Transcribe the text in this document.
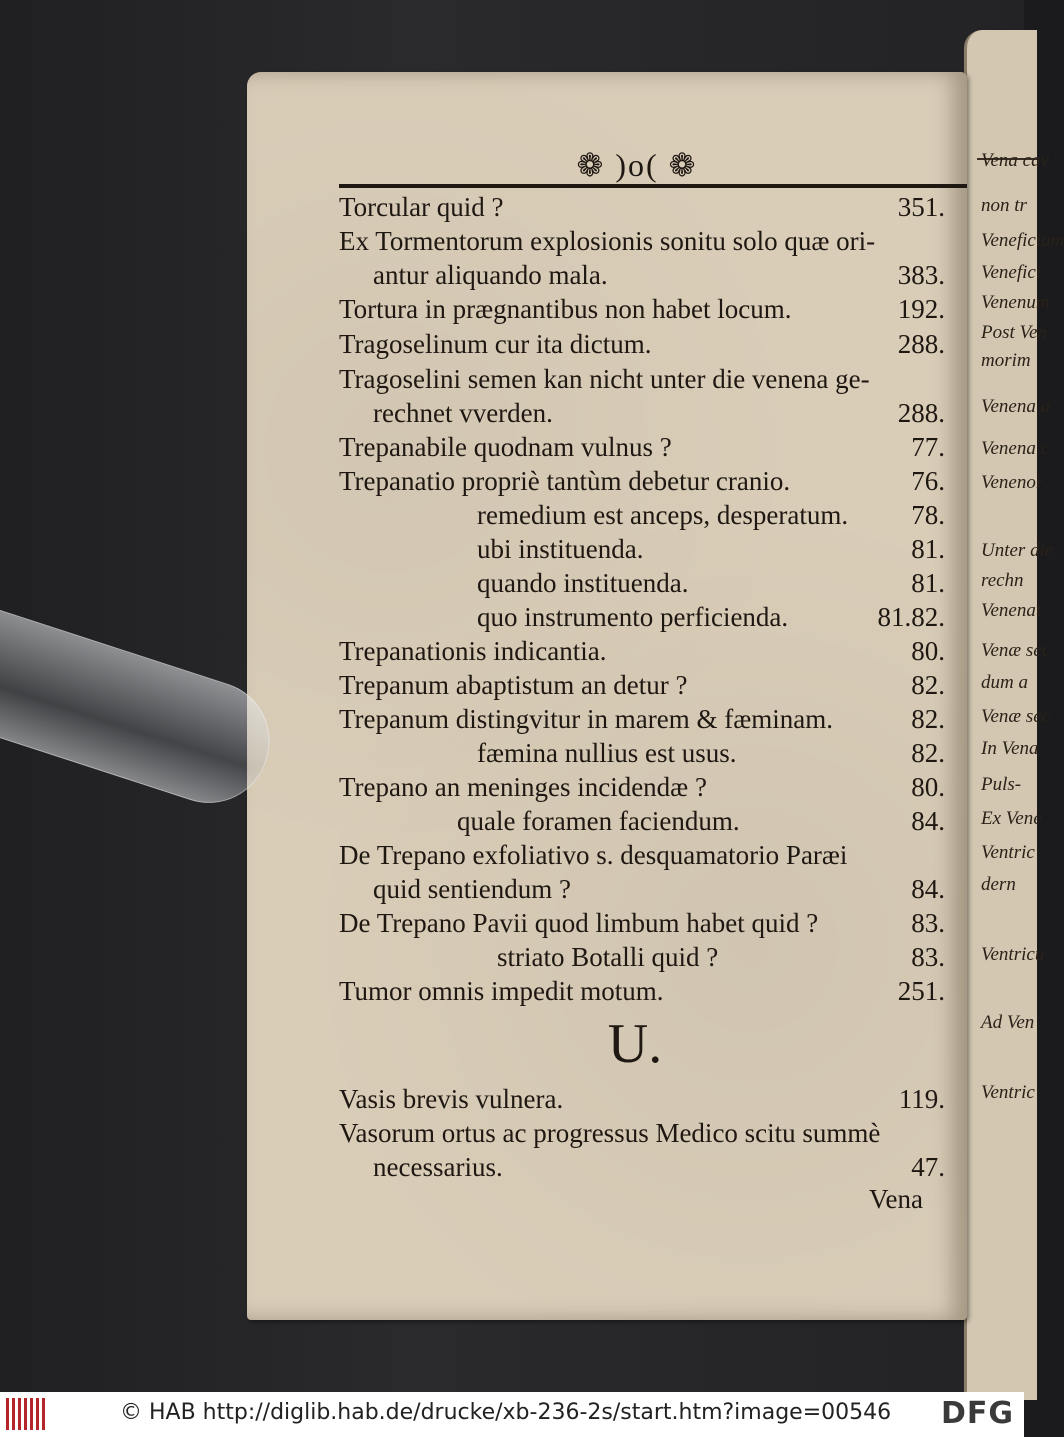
Vena cav
non tr
Veneficium
Venefici
Venenum
Post Ven
morim
Venena a
Venena c
Venenor
Unter die
rechn
Venenat
Venæ sec
dum a
Venæ sec
In Vena
Puls-
Ex Vene
Ventric
dern
Ventricu
Ad Ven
Ventric
❁ )o( ❁
Torcular quid ?	351.
Ex Tormentorum explosionis sonitu solo quæ ori-
antur aliquando mala.	383.
Tortura in prægnantibus non habet locum.	192.
Tragoselinum cur ita dictum.	288.
Tragoselini semen kan nicht unter die venena ge-
rechnet vverden.	288.
Trepanabile quodnam vulnus ?	77.
Trepanatio propriè tantùm debetur cranio.	76.
remedium est anceps, desperatum. 78.
ubi instituenda.	81.
quando instituenda.	81.
quo instrumento perficienda.	81.82.
Trepanationis indicantia.	80.
Trepanum abaptistum an detur ?	82.
Trepanum distingvitur in marem & fæminam.	82.
fæmina nullius est usus.	82.
Trepano an meninges incidendæ ?	80.
quale foramen faciendum.	84.
De Trepano exfoliativo s. desquamatorio Paræi
quid sentiendum ?	84.
De Trepano Pavii quod limbum habet quid ?	83.
striato Botalli quid ?	83.
Tumor omnis impedit motum.	251.
Vasis brevis vulnera.	119.
Vasorum ortus ac progressus Medico scitu summè
necessarius.	47.
U.
Vena
© HAB http://diglib.hab.de/drucke/xb-236-2s/start.htm?image=00546 DFG
